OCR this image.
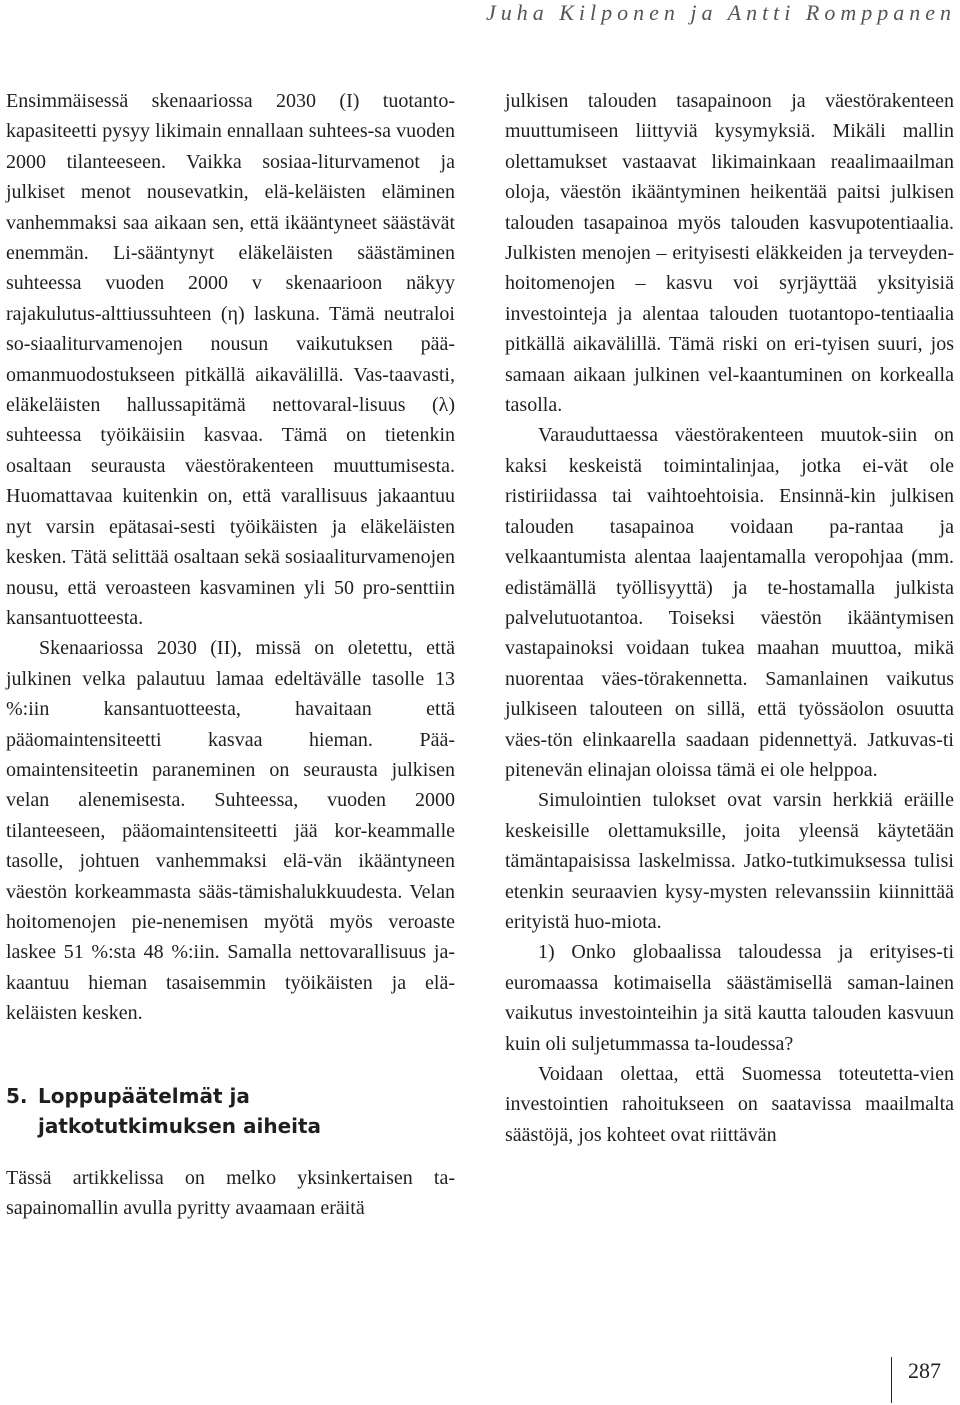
Juha Kilponen ja Antti Romppanen

Ensimmäisessä skenaariossa 2030 (I) tuotanto-kapasiteetti pysyy likimain ennallaan suhtees-sa vuoden 2000 tilanteeseen. Vaikka sosiaa-liturvamenot ja julkiset menot nousevatkin, elä-keläisten eläminen vanhemmaksi saa aikaan sen, että ikääntyneet säästävät enemmän. Li-sääntynyt eläkeläisten säästäminen suhteessa vuoden 2000 v skenaarioon näkyy rajakulutus-alttiussuhteen (η) laskuna. Tämä neutraloi so-siaaliturvamenojen nousun vaikutuksen pää-omanmuodostukseen pitkällä aikavälillä. Vas-taavasti, eläkeläisten hallussapitämä nettovaral-lisuus (λ) suhteessa työikäisiin kasvaa. Tämä on tietenkin osaltaan seurausta väestörakenteen muuttumisesta. Huomattavaa kuitenkin on, että varallisuus jakaantuu nyt varsin epätasai-sesti työikäisten ja eläkeläisten kesken. Tätä selittää osaltaan sekä sosiaaliturvamenojen nousu, että veroasteen kasvaminen yli 50 pro-senttiin kansantuotteesta.

Skenaariossa 2030 (II), missä on oletettu, että julkinen velka palautuu lamaa edeltävälle tasolle 13 %:iin kansantuotteesta, havaitaan että pääomaintensiteetti kasvaa hieman. Pää-omaintensiteetin paraneminen on seurausta julkisen velan alenemisesta. Suhteessa, vuoden 2000 tilanteeseen, pääomaintensiteetti jää kor-keammalle tasolle, johtuen vanhemmaksi elä-vän ikääntyneen väestön korkeammasta sääs-tämishalukkuudesta. Velan hoitomenojen pie-nenemisen myötä myös veroaste laskee 51 %:sta 48 %:iin. Samalla nettovarallisuus ja-kaantuu hieman tasaisemmin työikäisten ja elä-keläisten kesken.

5. Loppupäätelmät ja jatkotutkimuksen aiheita

Tässä artikkelissa on melko yksinkertaisen ta-sapainomallin avulla pyritty avaamaan eräitä

julkisen talouden tasapainoon ja väestörakenteen muuttumiseen liittyviä kysymyksiä. Mikäli mallin olettamukset vastaavat likimainkaan reaalimaailman oloja, väestön ikääntyminen heikentää paitsi julkisen talouden tasapainoa myös talouden kasvupotentiaalia. Julkisten menojen – erityisesti eläkkeiden ja terveyden-hoitomenojen – kasvu voi syrjäyttää yksityisiä investointeja ja alentaa talouden tuotantopo-tentiaalia pitkällä aikavälillä. Tämä riski on eri-tyisen suuri, jos samaan aikaan julkinen vel-kaantuminen on korkealla tasolla.

Varauduttaessa väestörakenteen muutok-siin on kaksi keskeistä toimintalinjaa, jotka ei-vät ole ristiriidassa tai vaihtoehtoisia. Ensinnä-kin julkisen talouden tasapainoa voidaan pa-rantaa ja velkaantumista alentaa laajentamalla veropohjaa (mm. edistämällä työllisyyttä) ja te-hostamalla julkista palvelutuotantoa. Toiseksi väestön ikääntymisen vastapainoksi voidaan tukea maahan muuttoa, mikä nuorentaa väes-törakennetta. Samanlainen vaikutus julkiseen talouteen on sillä, että työssäolon osuutta väes-tön elinkaarella saadaan pidennettyä. Jatkuvas-ti pitenevän elinajan oloissa tämä ei ole helppoa.

Simulointien tulokset ovat varsin herkkiä eräille keskeisille olettamuksille, joita yleensä käytetään tämäntapaisissa laskelmissa. Jatko-tutkimuksessa tulisi etenkin seuraavien kysy-mysten relevanssiin kiinnittää erityistä huo-miota.

1) Onko globaalissa taloudessa ja erityises-ti euromaassa kotimaisella säästämisellä saman-lainen vaikutus investointeihin ja sitä kautta talouden kasvuun kuin oli suljetummassa ta-loudessa?

Voidaan olettaa, että Suomessa toteutetta-vien investointien rahoitukseen on saatavissa maailmalta säästöjä, jos kohteet ovat riittävän

287
